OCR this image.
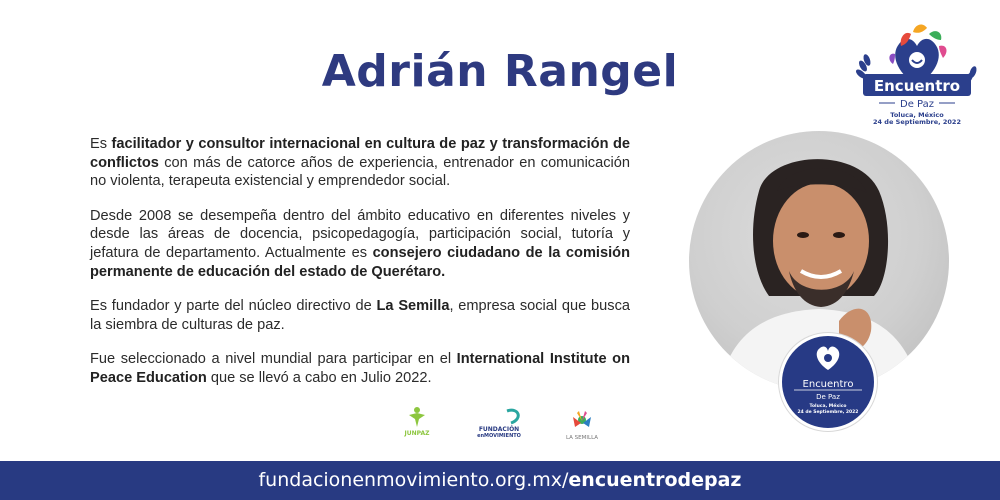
Adrián Rangel

Es facilitador y consultor internacional en cultura de paz y transformación de conflictos con más de catorce años de experiencia, entrenador en comunicación no violenta, terapeuta existencial y emprendedor social.

Desde 2008 se desempeña dentro del ámbito educativo en diferentes niveles y desde las áreas de docencia, psicopedagogía, participación social, tutoría y jefatura de departamento. Actualmente es consejero ciudadano de la comisión permanente de educación del estado de Querétaro.

Es fundador y parte del núcleo directivo de La Semilla, empresa social que busca la siembra de culturas de paz.

Fue seleccionado a nivel mundial para participar en el International Institute on Peace Education que se llevó a cabo en Julio 2022.

Encuentro
De Paz
Toluca, México
24 de Septiembre, 2022
Encuentro
De Paz
Toluca, México
24 de Septiembre, 2022
JUNPAZ
FUNDACIÓN
enMOVIMIENTO	LA SEMILLA
fundacionenmovimiento.org.mx/encuentrodepaz
